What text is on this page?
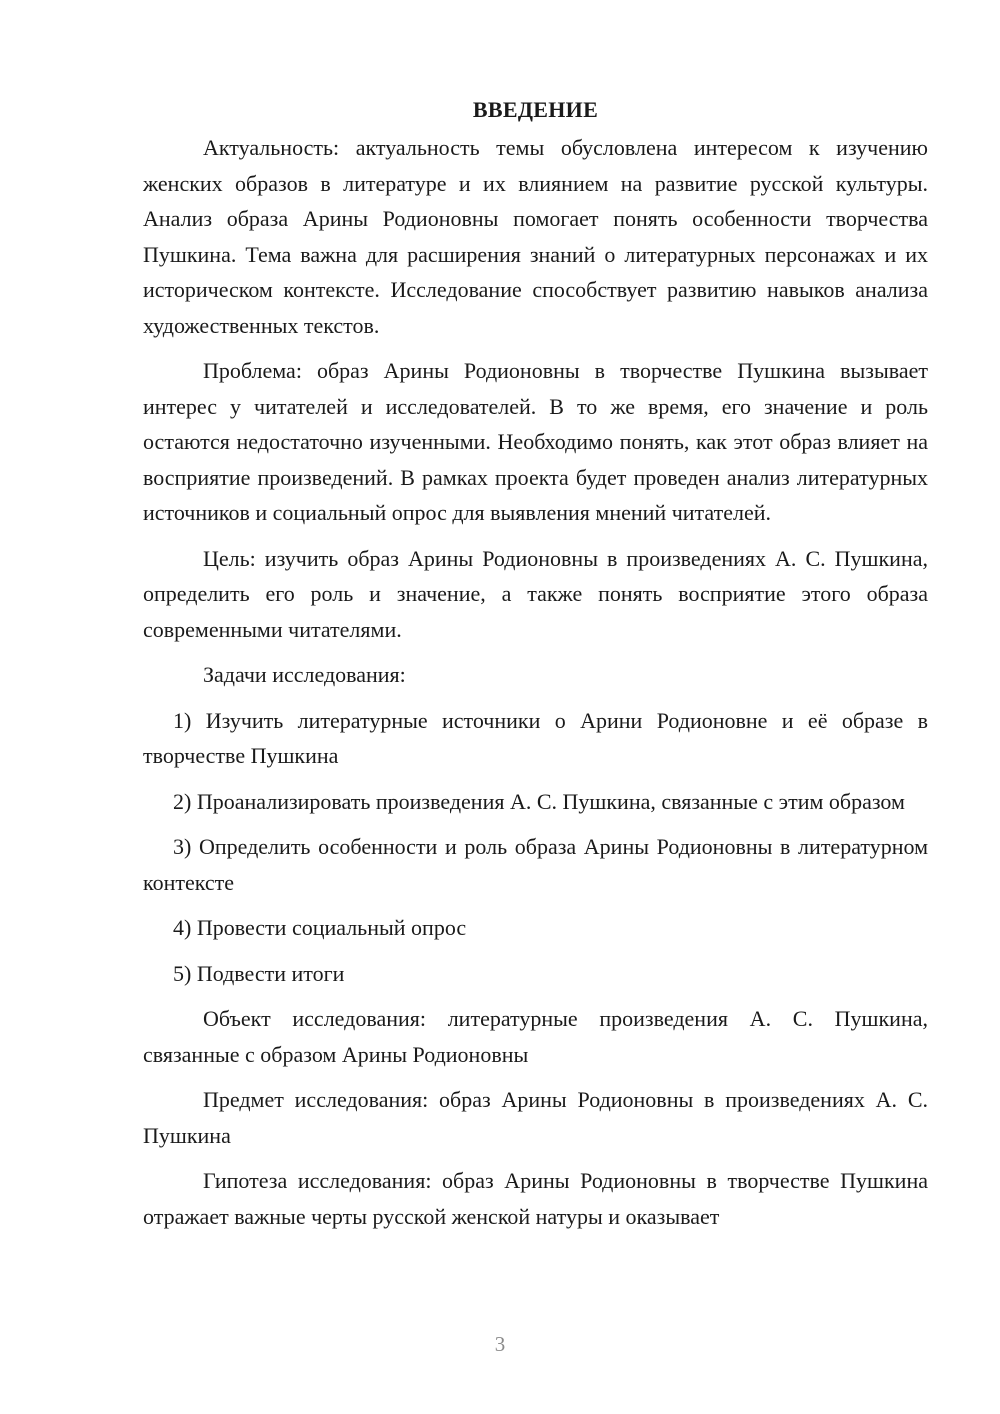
ВВЕДЕНИЕ

Актуальность: актуальность темы обусловлена интересом к изучению женских образов в литературе и их влиянием на развитие русской культуры. Анализ образа Арины Родионовны помогает понять особенности творчества Пушкина. Тема важна для расширения знаний о литературных персонажах и их историческом контексте. Исследование способствует развитию навыков анализа художественных текстов.

Проблема: образ Арины Родионовны в творчестве Пушкина вызывает интерес у читателей и исследователей. В то же время, его значение и роль остаются недостаточно изученными. Необходимо понять, как этот образ влияет на восприятие произведений. В рамках проекта будет проведен анализ литературных источников и социальный опрос для выявления мнений читателей.

Цель: изучить образ Арины Родионовны в произведениях А. С. Пушкина, определить его роль и значение, а также понять восприятие этого образа современными читателями.

Задачи исследования:

1) Изучить литературные источники о Арини Родионовне и её образе в творчестве Пушкина

2) Проанализировать произведения А. С. Пушкина, связанные с этим образом

3) Определить особенности и роль образа Арины Родионовны в литературном контексте

4) Провести социальный опрос

5) Подвести итоги

Объект исследования: литературные произведения А. С. Пушкина, связанные с образом Арины Родионовны

Предмет исследования: образ Арины Родионовны в произведениях А. С. Пушкина

Гипотеза исследования: образ Арины Родионовны в творчестве Пушкина отражает важные черты русской женской натуры и оказывает

3
